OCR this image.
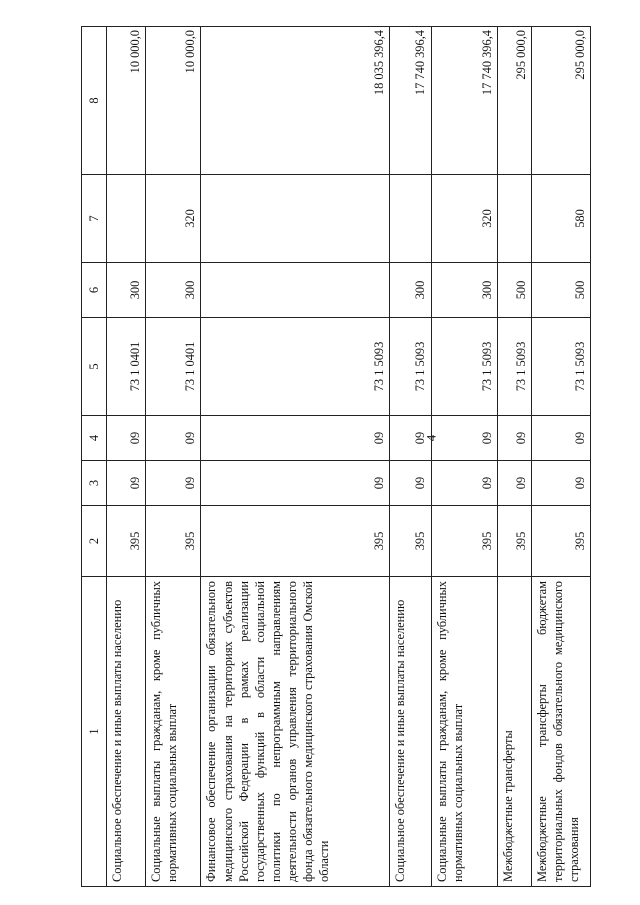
4
1	2	3	4	5	6	7	8
Социальное обеспечение и иные выплаты населению	395	09	09	73 1 0401	300		10 000,0
Социальные выплаты гражданам, кроме публичных нормативных социальных выплат	395	09	09	73 1 0401	300	320	10 000,0
Финансовое обеспечение организации обязательного медицинского страхования на территориях субъектов Российской Федерации в рамках реализации государственных функций в области социальной политики по непрограммным направлениям деятельности органов управления территориального фонда обязательного медицинского страхования Омской области	395	09	09	73 1 5093			18 035 396,4
Социальное обеспечение и иные выплаты населению	395	09	09	73 1 5093	300		17 740 396,4
Социальные выплаты гражданам, кроме публичных нормативных социальных выплат	395	09	09	73 1 5093	300	320	17 740 396,4
Межбюджетные трансферты	395	09	09	73 1 5093	500		295 000,0
Межбюджетные трансферты бюджетам территориальных фондов обязательного медицинского страхования	395	09	09	73 1 5093	500	580	295 000,0
